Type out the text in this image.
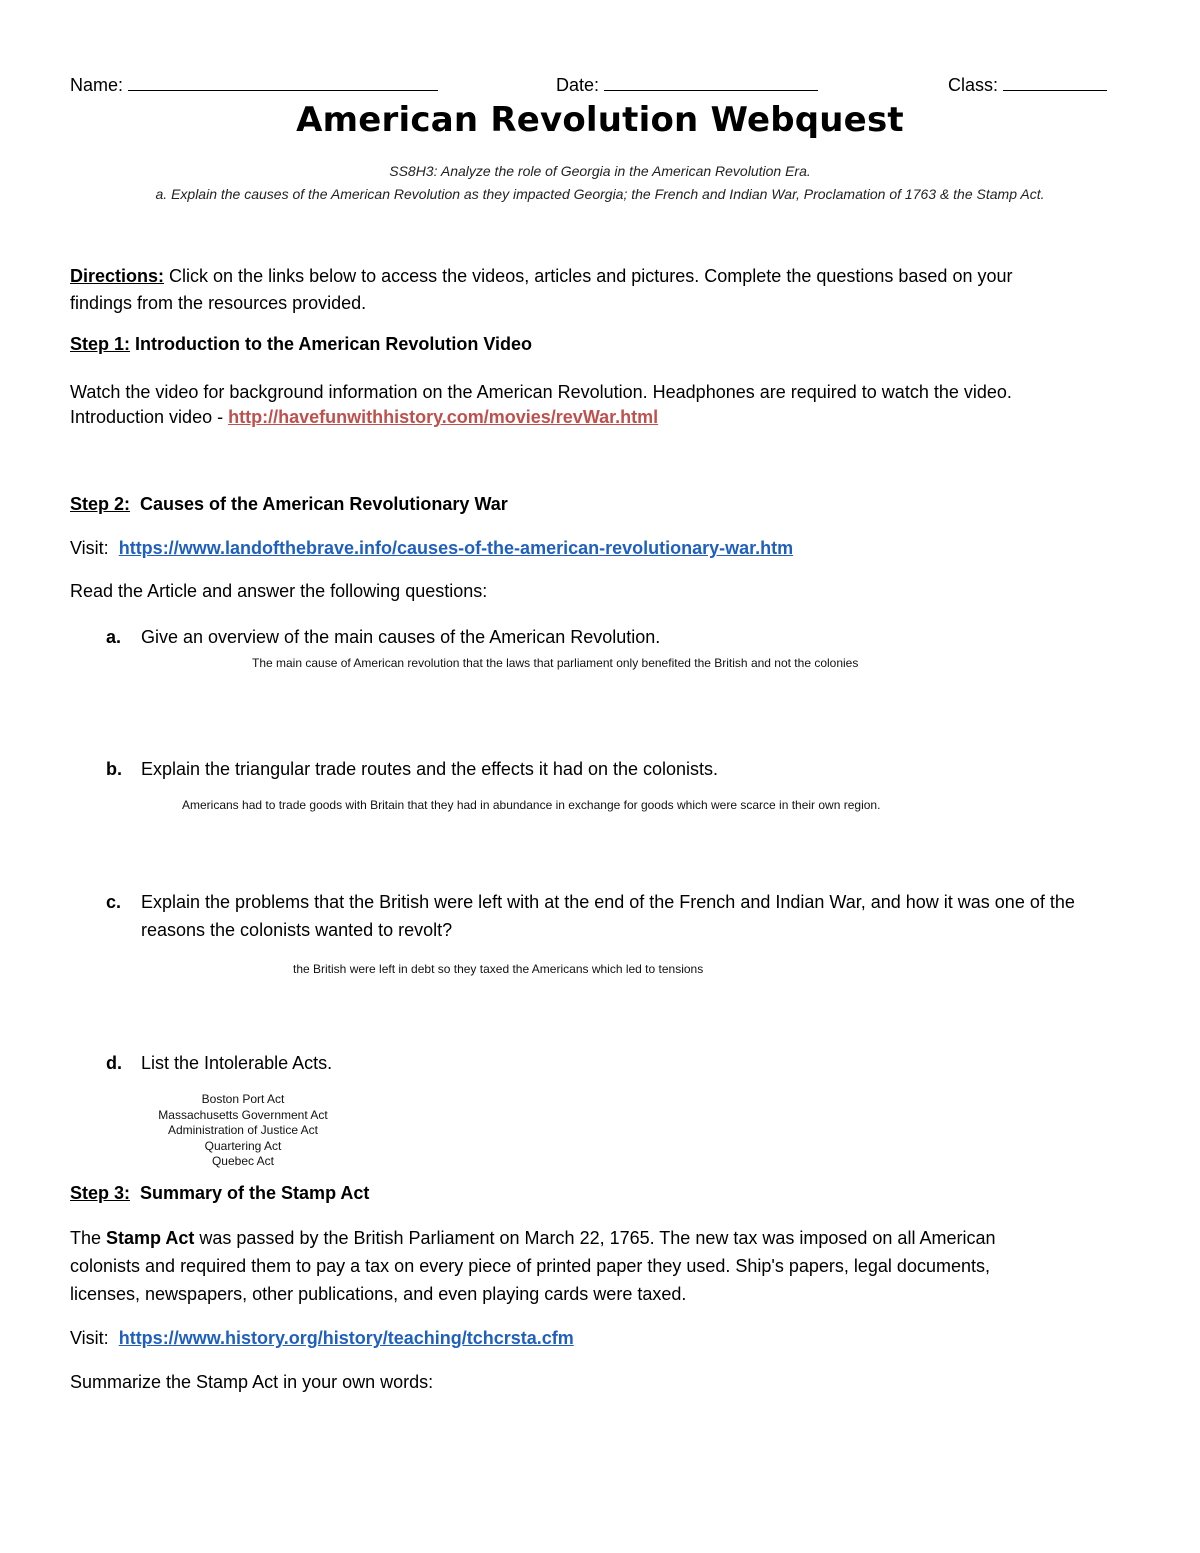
Name:	Date:	Class:
American Revolution Webquest
SS8H3: Analyze the role of Georgia in the American Revolution Era.
a. Explain the causes of the American Revolution as they impacted Georgia; the French and Indian War, Proclamation of 1763 & the Stamp Act.
Directions: Click on the links below to access the videos, articles and pictures. Complete the questions based on your
findings from the resources provided.
Step 1: Introduction to the American Revolution Video
Watch the video for background information on the American Revolution. Headphones are required to watch the video.
Introduction video - http://havefunwithhistory.com/movies/revWar.html
Step 2:  Causes of the American Revolutionary War
Visit: https://www.landofthebrave.info/causes-of-the-american-revolutionary-war.htm
Read the Article and answer the following questions:
a. Give an overview of the main causes of the American Revolution.
The main cause of American revolution that the laws that parliament only benefited the British and not the colonies
b. Explain the triangular trade routes and the effects it had on the colonists.
Americans had to trade goods with Britain that they had in abundance in exchange for goods which were scarce in their own region.
c. Explain the problems that the British were left with at the end of the French and Indian War, and how it was one of the reasons the colonists wanted to revolt?
the British were left in debt so they taxed the Americans which led to tensions
d. List the Intolerable Acts.
Boston Port Act
Massachusetts Government Act
Administration of Justice Act
Quartering Act
Quebec Act
Step 3:  Summary of the Stamp Act
The Stamp Act was passed by the British Parliament on March 22, 1765. The new tax was imposed on all American
colonists and required them to pay a tax on every piece of printed paper they used. Ship's papers, legal documents,
licenses, newspapers, other publications, and even playing cards were taxed.
Visit: https://www.history.org/history/teaching/tchcrsta.cfm
Summarize the Stamp Act in your own words:
